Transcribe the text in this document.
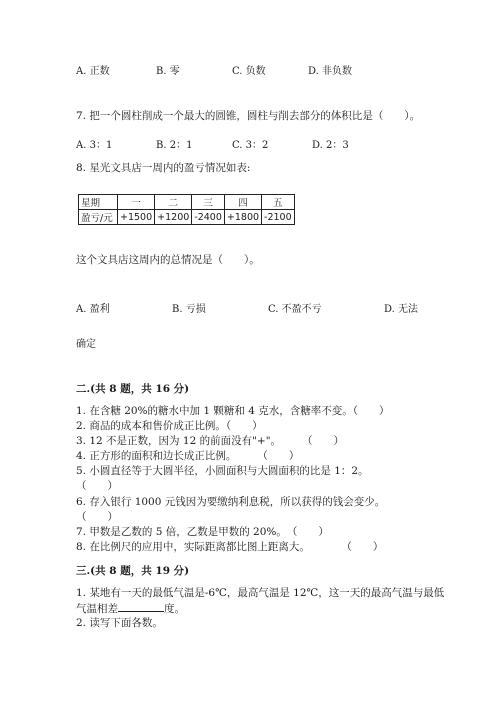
A. 正数	B. 零	C. 负数	D. 非负数
7. 把一个圆柱削成一个最大的圆锥，圆柱与削去部分的体积比是（　　）。
A. 3：1	B. 2：1	C. 3：2	D. 2：3
8. 星光文具店一周内的盈亏情况如表:
星期	一	二	三	四	五
盈亏/元	+1500	+1200	-2400	+1800	-2100
这个文具店这周内的总情况是（　　）。
A. 盈利	B. 亏损	C. 不盈不亏	D. 无法
确定
二.(共 8 题，共 16 分)
1. 在含糖 20%的糖水中加 1 颗糖和 4 克水，含糖率不变。（　　）
2. 商品的成本和售价成正比例。（　　）
3. 12 不是正数，因为 12 的前面没有"+"。　　　（　　）
4. 正方形的面积和边长成正比例。　　　（　　）
5. 小圆直径等于大圆半径，小圆面积与大圆面积的比是 1：2。
（　　）
6. 存入银行 1000 元钱因为要缴纳利息税，所以获得的钱会变少。
（　　）
7. 甲数是乙数的 5 倍，乙数是甲数的 20%。　（　　）
8. 在比例尺的应用中，实际距离都比图上距离大。　　　　（　　）
三.(共 8 题，共 19 分)
1. 某地有一天的最低气温是-6℃，最高气温是 12℃，这一天的最高气温与最低
气温相差	度。
2. 读写下面各数。
